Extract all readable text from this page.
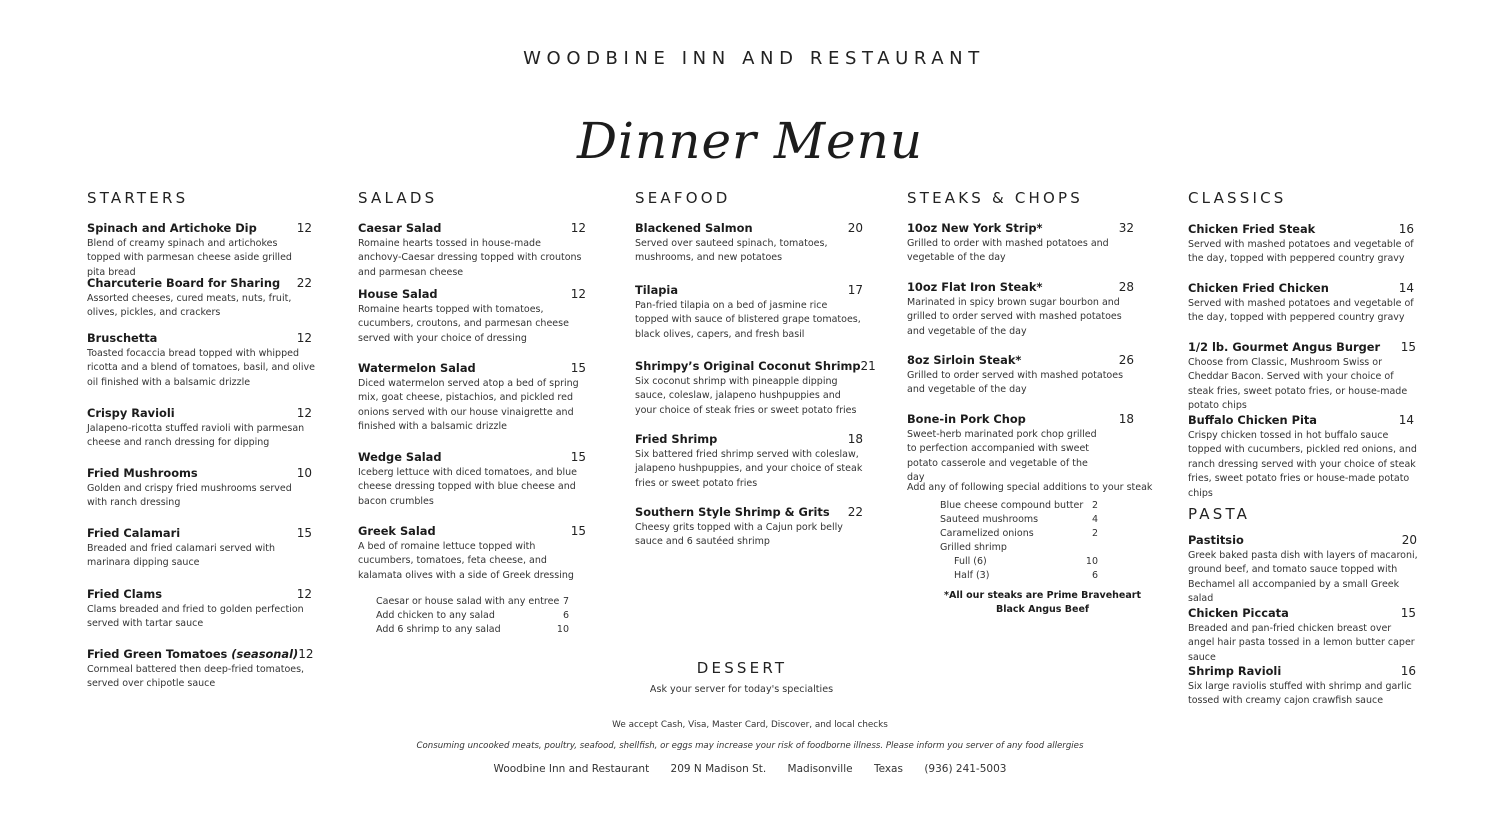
WOODBINE INN AND RESTAURANT
Dinner Menu
STARTERS
Spinach and Artichoke Dip	12
Blend of creamy spinach and artichokes topped with parmesan cheese aside grilled pita bread
Charcuterie Board for Sharing 22
Assorted cheeses, cured meats, nuts, fruit, olives, pickles, and crackers
Bruschetta	12
Toasted focaccia bread topped with whipped ricotta and a blend of tomatoes, basil, and olive oil finished with a balsamic drizzle
Crispy Ravioli	12
Jalapeno-ricotta stuffed ravioli with parmesan cheese and ranch dressing for dipping
Fried Mushrooms	10
Golden and crispy fried mushrooms served with ranch dressing
Fried Calamari	15
Breaded and fried calamari served with marinara dipping sauce
Fried Clams	12
Clams breaded and fried to golden perfection served with tartar sauce
Fried Green Tomatoes (seasonal) 12
Cornmeal battered then deep-fried tomatoes, served over chipotle sauce
SALADS
Caesar Salad	12
Romaine hearts tossed in house-made anchovy-Caesar dressing topped with croutons and parmesan cheese
House Salad	12
Romaine hearts topped with tomatoes, cucumbers, croutons, and parmesan cheese served with your choice of dressing
Watermelon Salad	15
Diced watermelon served atop a bed of spring mix, goat cheese, pistachios, and pickled red onions served with our house vinaigrette and finished with a balsamic drizzle
Wedge Salad	15
Iceberg lettuce with diced tomatoes, and blue cheese dressing topped with blue cheese and bacon crumbles
Greek Salad	15
A bed of romaine lettuce topped with cucumbers, tomatoes, feta cheese, and kalamata olives with a side of Greek dressing
Caesar or house salad with any entree 7
Add chicken to any salad	6
Add 6 shrimp to any salad	10
SEAFOOD
Blackened Salmon	20
Served over sauteed spinach, tomatoes, mushrooms, and new potatoes
Tilapia	17
Pan-fried tilapia on a bed of jasmine rice topped with sauce of blistered grape tomatoes, black olives, capers, and fresh basil
Shrimpy’s Original Coconut Shrimp 21
Six coconut shrimp with pineapple dipping sauce, coleslaw, jalapeno hushpuppies and your choice of steak fries or sweet potato fries
Fried Shrimp	18
Six battered fried shrimp served with coleslaw, jalapeno hushpuppies, and your choice of steak fries or sweet potato fries
Southern Style Shrimp & Grits 22
Cheesy grits topped with a Cajun pork belly sauce and 6 sautéed shrimp
STEAKS & CHOPS
10oz New York Strip*	32
Grilled to order with mashed potatoes and vegetable of the day
10oz Flat Iron Steak*	28
Marinated in spicy brown sugar bourbon and grilled to order served with mashed potatoes and vegetable of the day
8oz Sirloin Steak*	26
Grilled to order served with mashed potatoes and vegetable of the day
Bone-in Pork Chop	18
Sweet-herb marinated pork chop grilled to perfection accompanied with sweet potato casserole and vegetable of the day
Add any of following special additions to your steak
Blue cheese compound butter 2
Sauteed mushrooms	4
Caramelized onions	2
Grilled shrimp
Full (6)	10
Half (3)	6
*All our steaks are Prime Braveheart
Black Angus Beef
CLASSICS
Chicken Fried Steak	16
Served with mashed potatoes and vegetable of the day, topped with peppered country gravy
Chicken Fried Chicken	14
Served with mashed potatoes and vegetable of the day, topped with peppered country gravy
1/2 lb. Gourmet Angus Burger 15
Choose from Classic, Mushroom Swiss or Cheddar Bacon. Served with your choice of steak fries, sweet potato fries, or house-made potato chips
Buffalo Chicken Pita	14
Crispy chicken tossed in hot buffalo sauce topped with cucumbers, pickled red onions, and ranch dressing served with your choice of steak fries, sweet potato fries or house-made potato chips
PASTA
Pastitsio	20
Greek baked pasta dish with layers of macaroni, ground beef, and tomato sauce topped with Bechamel all accompanied by a small Greek salad
Chicken Piccata	15
Breaded and pan-fried chicken breast over angel hair pasta tossed in a lemon butter caper sauce
Shrimp Ravioli	16
Six large raviolis stuffed with shrimp and garlic tossed with creamy cajon crawfish sauce
DESSERT
Ask your server for today's specialties
We accept Cash, Visa, Master Card, Discover, and local checks
Consuming uncooked meats, poultry, seafood, shellfish, or eggs may increase your risk of foodborne illness. Please inform you server of any food allergies
Woodbine Inn and Restaurant 209 N Madison St. Madisonville Texas (936) 241-5003
